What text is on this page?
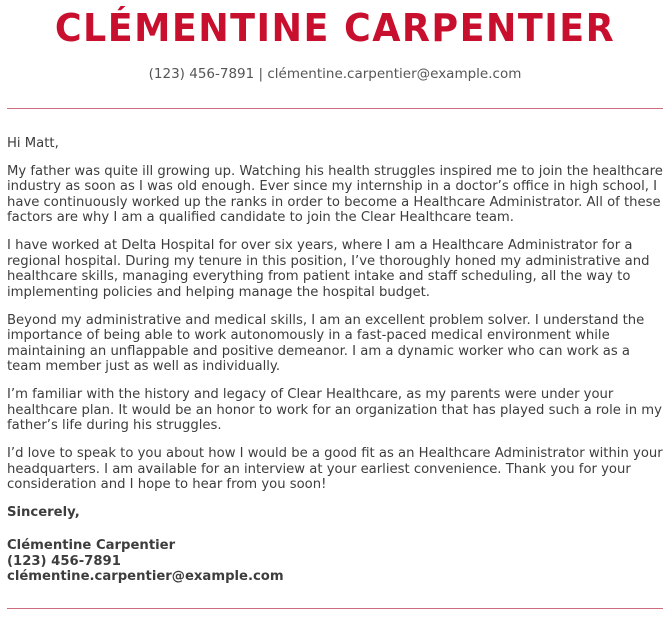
CLÉMENTINE CARPENTIER
(123) 456-7891 | clémentine.carpentier@example.com

Hi Matt,

My father was quite ill growing up. Watching his health struggles inspired me to join the healthcare industry as soon as I was old enough. Ever since my internship in a doctor’s office in high school, I have continuously worked up the ranks in order to become a Healthcare Administrator. All of these factors are why I am a qualified candidate to join the Clear Healthcare team.

I have worked at Delta Hospital for over six years, where I am a Healthcare Administrator for a regional hospital. During my tenure in this position, I’ve thoroughly honed my administrative and healthcare skills, managing everything from patient intake and staff scheduling, all the way to implementing policies and helping manage the hospital budget.

Beyond my administrative and medical skills, I am an excellent problem solver. I understand the importance of being able to work autonomously in a fast-paced medical environment while maintaining an unflappable and positive demeanor. I am a dynamic worker who can work as a team member just as well as individually.

I’m familiar with the history and legacy of Clear Healthcare, as my parents were under your healthcare plan. It would be an honor to work for an organization that has played such a role in my father’s life during his struggles.

I’d love to speak to you about how I would be a good fit as an Healthcare Administrator within your headquarters. I am available for an interview at your earliest convenience. Thank you for your consideration and I hope to hear from you soon!

Sincerely,

Clémentine Carpentier
(123) 456-7891
clémentine.carpentier@example.com
